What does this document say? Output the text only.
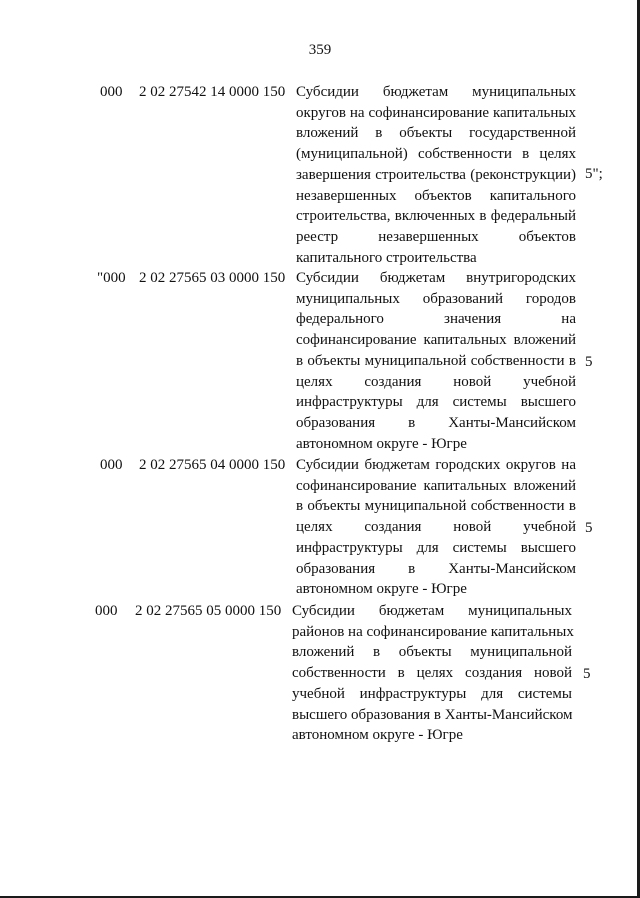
359
000 2 02 27542 14 0000 150 Субсидии бюджетам муниципальных
округов на софинансирование капитальных
вложений в объекты государственной
(муниципальной) собственности в целях
завершения строительства (реконструкции)
незавершенных объектов капитального
строительства, включенных в федеральный
реестр незавершенных объектов
капитального строительства
5";
"000 2 02 27565 03 0000 150 Субсидии бюджетам внутригородских
муниципальных образований городов
федерального значения на
софинансирование капитальных вложений
в объекты муниципальной собственности в
целях создания новой учебной
инфраструктуры для системы высшего
образования в Ханты-Мансийском
автономном округе - Югре
5
000 2 02 27565 04 0000 150 Субсидии бюджетам городских округов на
софинансирование капитальных вложений
в объекты муниципальной собственности в
целях создания новой учебной
инфраструктуры для системы высшего
образования в Ханты-Мансийском
автономном округе - Югре
5
000 2 02 27565 05 0000 150 Субсидии бюджетам муниципальных
районов на софинансирование капитальных
вложений в объекты муниципальной
собственности в целях создания новой
учебной инфраструктуры для системы
высшего образования в Ханты-Мансийском
автономном округе - Югре
5
